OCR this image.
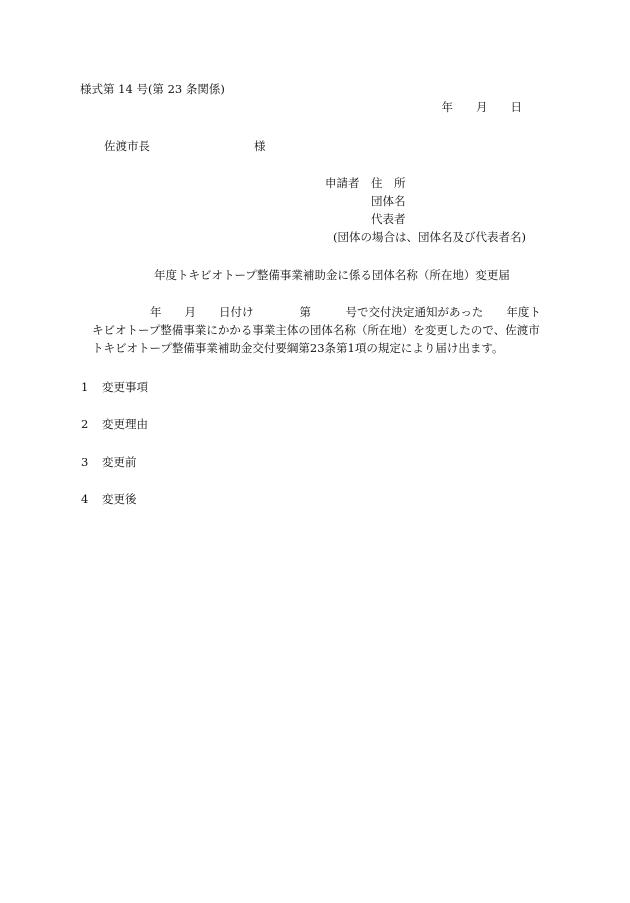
様式第 14 号(第 23 条関係)
年　　月　　日
佐渡市長	様
申請者 住　所
団体名
代表者
(団体の場合は、団体名及び代表者名)
年度トキビオトープ整備事業補助金に係る団体名称（所在地）変更届
年　　月　　日付け　　　　第　　　号で交付決定通知があった　　年度ト
キビオトープ整備事業にかかる事業主体の団体名称（所在地）を変更したので、佐渡市
トキビオトープ整備事業補助金交付要綱第23条第1項の規定により届け出ます。
1 変更事項
2 変更理由
3 変更前
4 変更後
